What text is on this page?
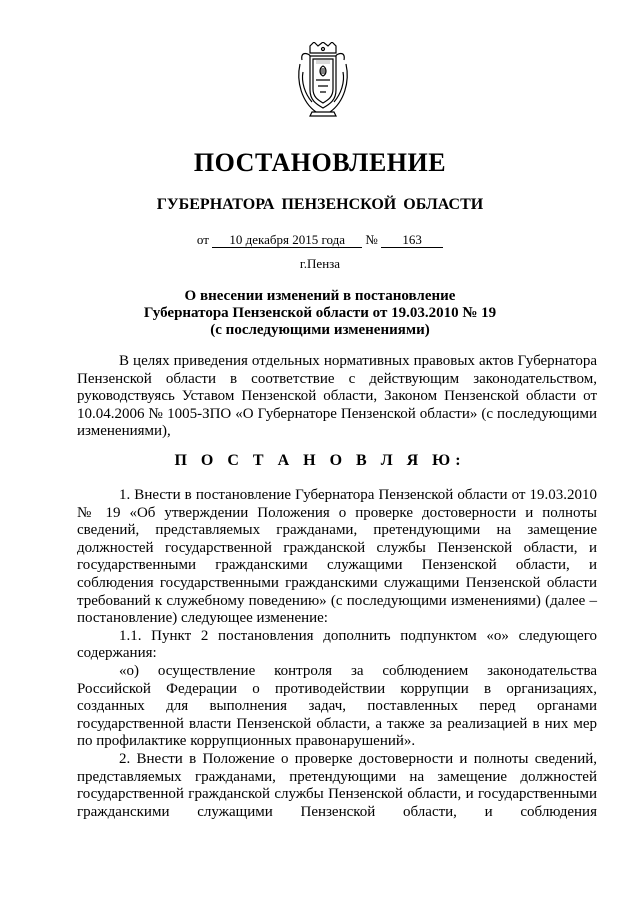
ПОСТАНОВЛЕНИЕ
ГУБЕРНАТОРА ПЕНЗЕНСКОЙ ОБЛАСТИ
от 10 декабря 2015 года № 163
г.Пенза
О внесении изменений в постановление
Губернатора Пензенской области от 19.03.2010 № 19
(с последующими изменениями)

В целях приведения отдельных нормативных правовых актов Губернатора Пензенской области в соответствие с действующим законодательством, руководствуясь Уставом Пензенской области, Законом Пензенской области от 10.04.2006 № 1005-ЗПО «О Губернаторе Пензенской области» (с последующими изменениями),

П О С Т А Н О В Л Я Ю:

1. Внести в постановление Губернатора Пензенской области от 19.03.2010 № 19 «Об утверждении Положения о проверке достоверности и полноты сведений, представляемых гражданами, претендующими на замещение должностей государственной гражданской службы Пензенской области, и государственными гражданскими служащими Пензенской области, и соблюдения государственными гражданскими служащими Пензенской области требований к служебному поведению» (с последующими изменениями) (далее – постановление) следующее изменение:

1.1. Пункт 2 постановления дополнить подпунктом «о» следующего содержания:

«о) осуществление контроля за соблюдением законодательства Российской Федерации о противодействии коррупции в организациях, созданных для выполнения задач, поставленных перед органами государственной власти Пензенской области, а также за реализацией в них мер по профилактике коррупционных правонарушений».

2. Внести в Положение о проверке достоверности и полноты сведений, представляемых гражданами, претендующими на замещение должностей государственной гражданской службы Пензенской области, и государственными гражданскими служащими Пензенской области, и соблюдения
